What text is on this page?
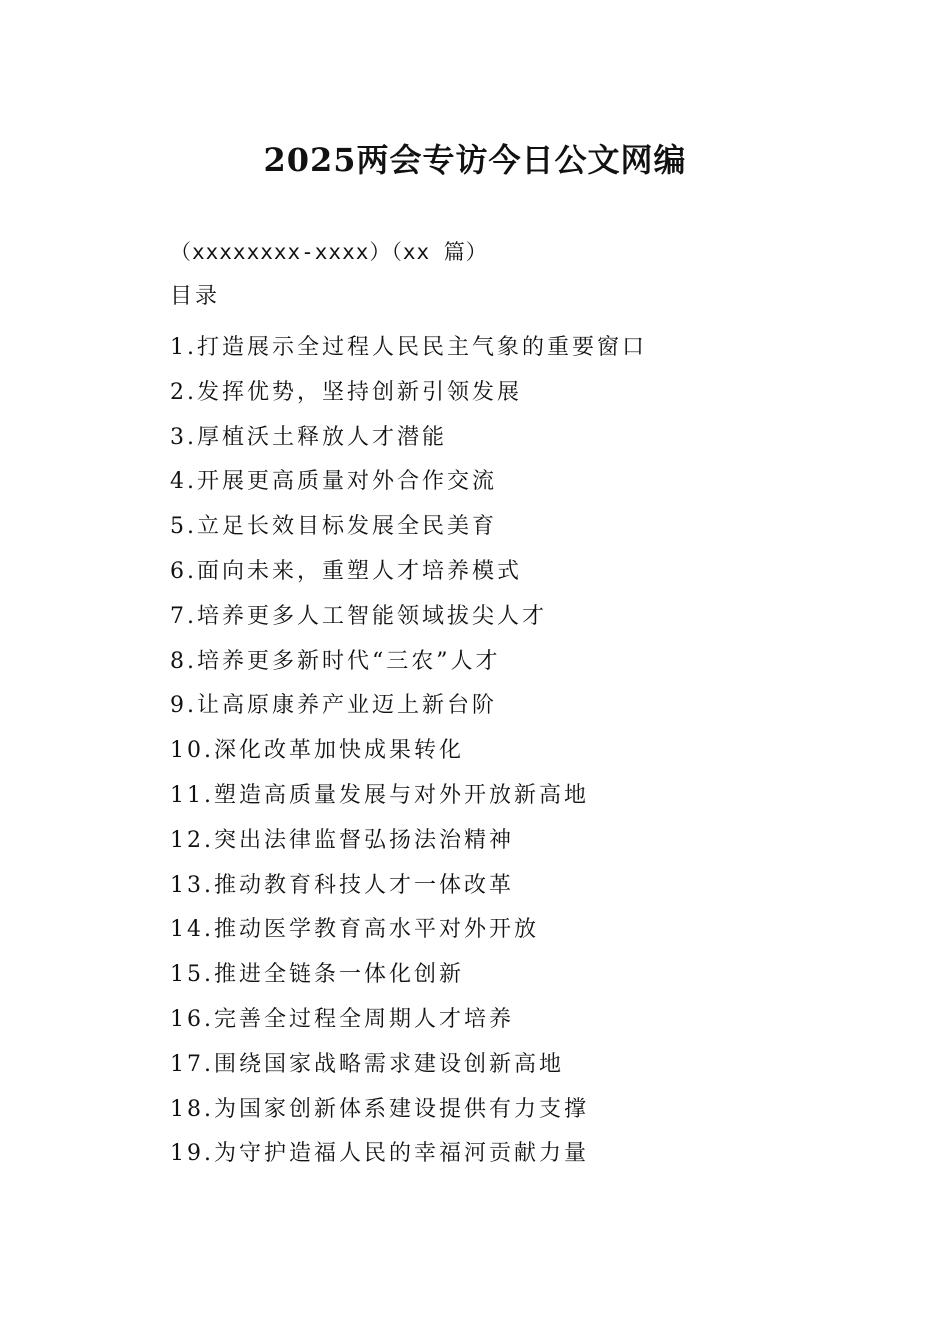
2025两会专访今日公文网编
（xxxxxxxx-xxxx）（xx 篇）
目录
1.打造展示全过程人民民主气象的重要窗口
2.发挥优势，坚持创新引领发展
3.厚植沃土释放人才潜能
4.开展更高质量对外合作交流
5.立足长效目标发展全民美育
6.面向未来，重塑人才培养模式
7.培养更多人工智能领域拔尖人才
8.培养更多新时代“三农”人才
9.让高原康养产业迈上新台阶
10.深化改革加快成果转化
11.塑造高质量发展与对外开放新高地
12.突出法律监督弘扬法治精神
13.推动教育科技人才一体改革
14.推动医学教育高水平对外开放
15.推进全链条一体化创新
16.完善全过程全周期人才培养
17.围绕国家战略需求建设创新高地
18.为国家创新体系建设提供有力支撑
19.为守护造福人民的幸福河贡献力量
